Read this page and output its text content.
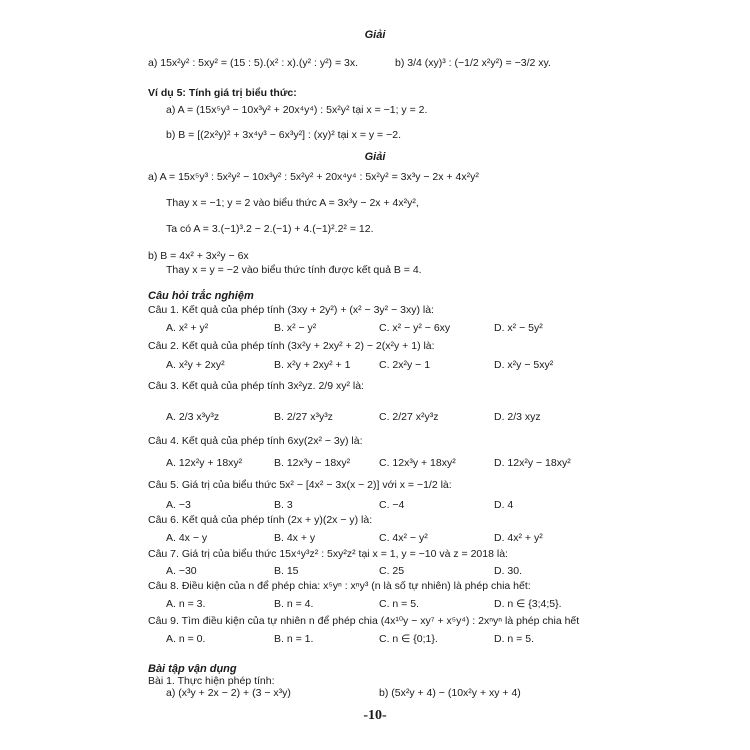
Giải
a) 15x²y² : 5xy² = (15 : 5).(x² : x).(y² : y²) = 3x.	b) 3/4 (xy)³ : (−1/2 x²y²) = −3/2 xy.
Ví dụ 5: Tính giá trị biểu thức:
a) A = (15x⁵y³ − 10x³y² + 20x⁴y⁴) : 5x²y² tại x = −1; y = 2.
b) B = [(2x²y)² + 3x⁴y³ − 6x³y²] : (xy)² tại x = y = −2.
Giải
a) A = 15x⁵y³ : 5x²y² − 10x³y² : 5x²y² + 20x⁴y⁴ : 5x²y² = 3x³y − 2x + 4x²y²
Thay x = −1; y = 2 vào biểu thức A = 3x³y − 2x + 4x²y²,
Ta có A = 3.(−1)³.2 − 2.(−1) + 4.(−1)².2² = 12.
b) B = 4x² + 3x²y − 6x
Thay x = y = −2 vào biểu thức tính được kết quả B = 4.
Câu hỏi trắc nghiệm
Câu 1. Kết quả của phép tính (3xy + 2y²) + (x² − 3y² − 3xy) là:
A. x² + y²	B. x² − y²	C. x² − y² − 6xy	D. x² − 5y²
Câu 2. Kết quả của phép tính (3x²y + 2xy² + 2) − 2(x²y + 1) là:
A. x²y + 2xy²	B. x²y + 2xy² + 1	C. 2x²y − 1	D. x²y − 5xy²
Câu 3. Kết quả của phép tính 3x²yz. 2/9 xy² là:
A. 2/3 x³y³z	B. 2/27 x³y³z	C. 2/27 x²y³z	D. 2/3 xyz
Câu 4. Kết quả của phép tính 6xy(2x² − 3y) là:
A. 12x²y + 18xy²	B. 12x³y − 18xy²	C. 12x³y + 18xy²	D. 12x²y − 18xy²
Câu 5. Giá trị của biểu thức 5x² − [4x² − 3x(x − 2)] với x = −1/2 là:
A. −3	B. 3	C. −4	D. 4
Câu 6. Kết quả của phép tính (2x + y)(2x − y) là:
A. 4x − y	B. 4x + y	C. 4x² − y²	D. 4x² + y²
Câu 7. Giá trị của biểu thức 15x⁴y³z² : 5xy²z² tại x = 1, y = −10 và z = 2018 là:
A. −30	B. 15	C. 25	D. 30.
Câu 8. Điều kiện của n để phép chia: x⁵yⁿ : xⁿy³ (n là số tự nhiên) là phép chia hết:
A. n = 3.	B. n = 4.	C. n = 5.	D. n ∈ {3;4;5}.
Câu 9. Tìm điều kiện của tự nhiên n để phép chia (4x¹⁰y − xy⁷ + x⁵y⁴) : 2xⁿyⁿ là phép chia hết
A. n = 0.	B. n = 1.	C. n ∈ {0;1}.	D. n = 5.
Bài tập vận dụng
Bài 1. Thực hiện phép tính:
a) (x³y + 2x − 2) + (3 − x³y)	b) (5x²y + 4) − (10x²y + xy + 4)
-10-
